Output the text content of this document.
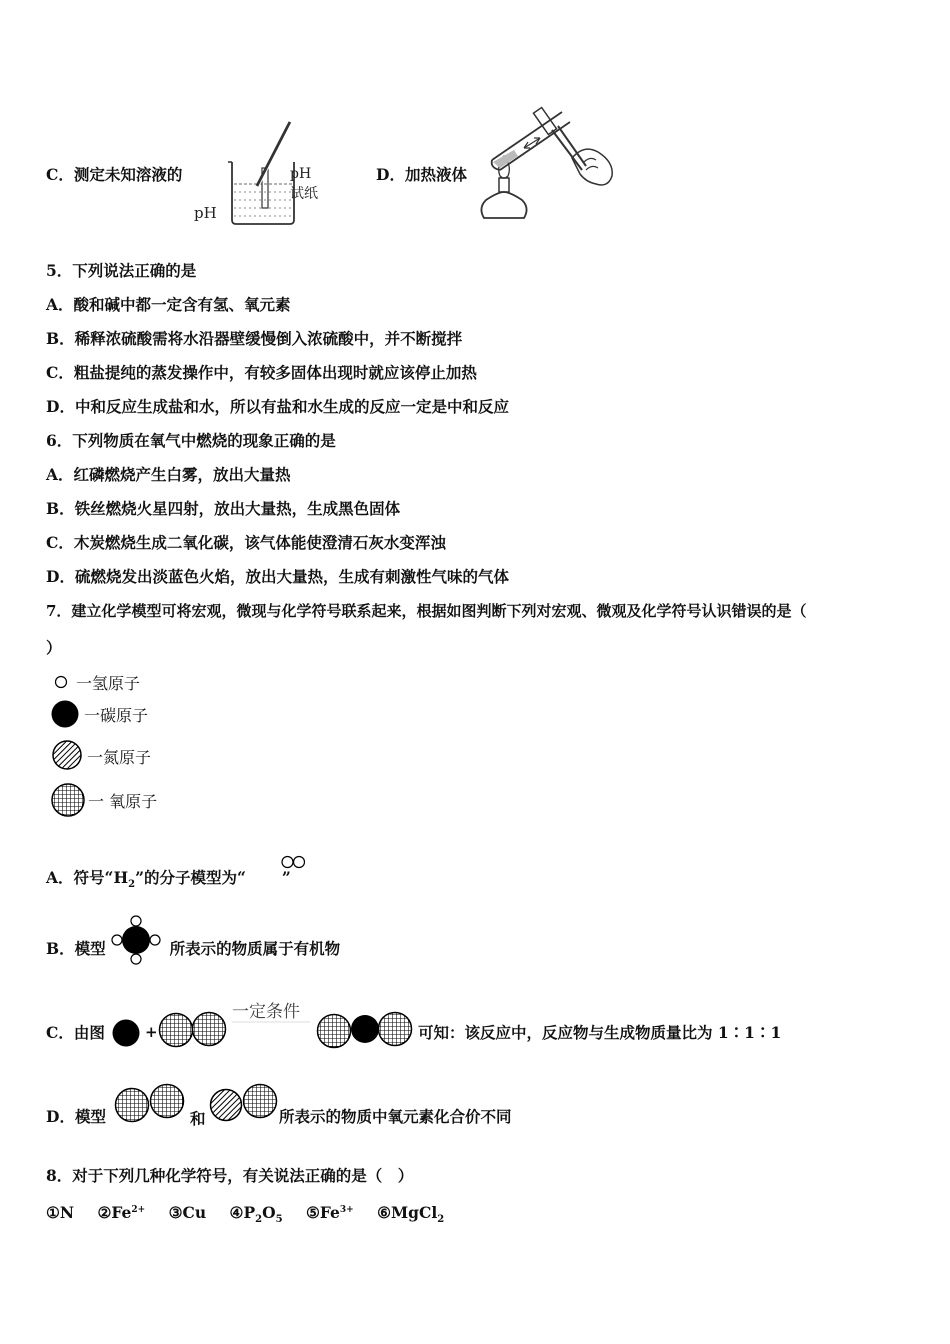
C．测定未知溶液的
pH
pH
试纸
D．加热液体
5．下列说法正确的是
A．酸和碱中都一定含有氢、氧元素
B．稀释浓硫酸需将水沿器壁缓慢倒入浓硫酸中，并不断搅拌
C．粗盐提纯的蒸发操作中，有较多固体出现时就应该停止加热
D．中和反应生成盐和水，所以有盐和水生成的反应一定是中和反应
6．下列物质在氧气中燃烧的现象正确的是
A．红磷燃烧产生白雾，放出大量热
B．铁丝燃烧火星四射，放出大量热，生成黑色固体
C．木炭燃烧生成二氧化碳，该气体能使澄清石灰水变浑浊
D．硫燃烧发出淡蓝色火焰，放出大量热，生成有刺激性气味的气体
7．建立化学模型可将宏观，微现与化学符号联系起来，根据如图判断下列对宏观、微观及化学符号认识错误的是（
）
一氢原子
一碳原子
一氮原子
一 氧原子
A．符号“$H_2$”的分子模型为“ ”
B．模型	所表示的物质属于有机物
C．由图	+
一定条件
可知：该反应中，反应物与生成物质量比为 1∶1∶1
D．模型	和	所表示的物质中氧元素化合价不同
8．对于下列几种化学符号，有关说法正确的是（　）
①N $②Fe^{2+}$ ③Cu $④P_2O_5$ $⑤Fe^{3+}$ ⑥MgCl$_2$
